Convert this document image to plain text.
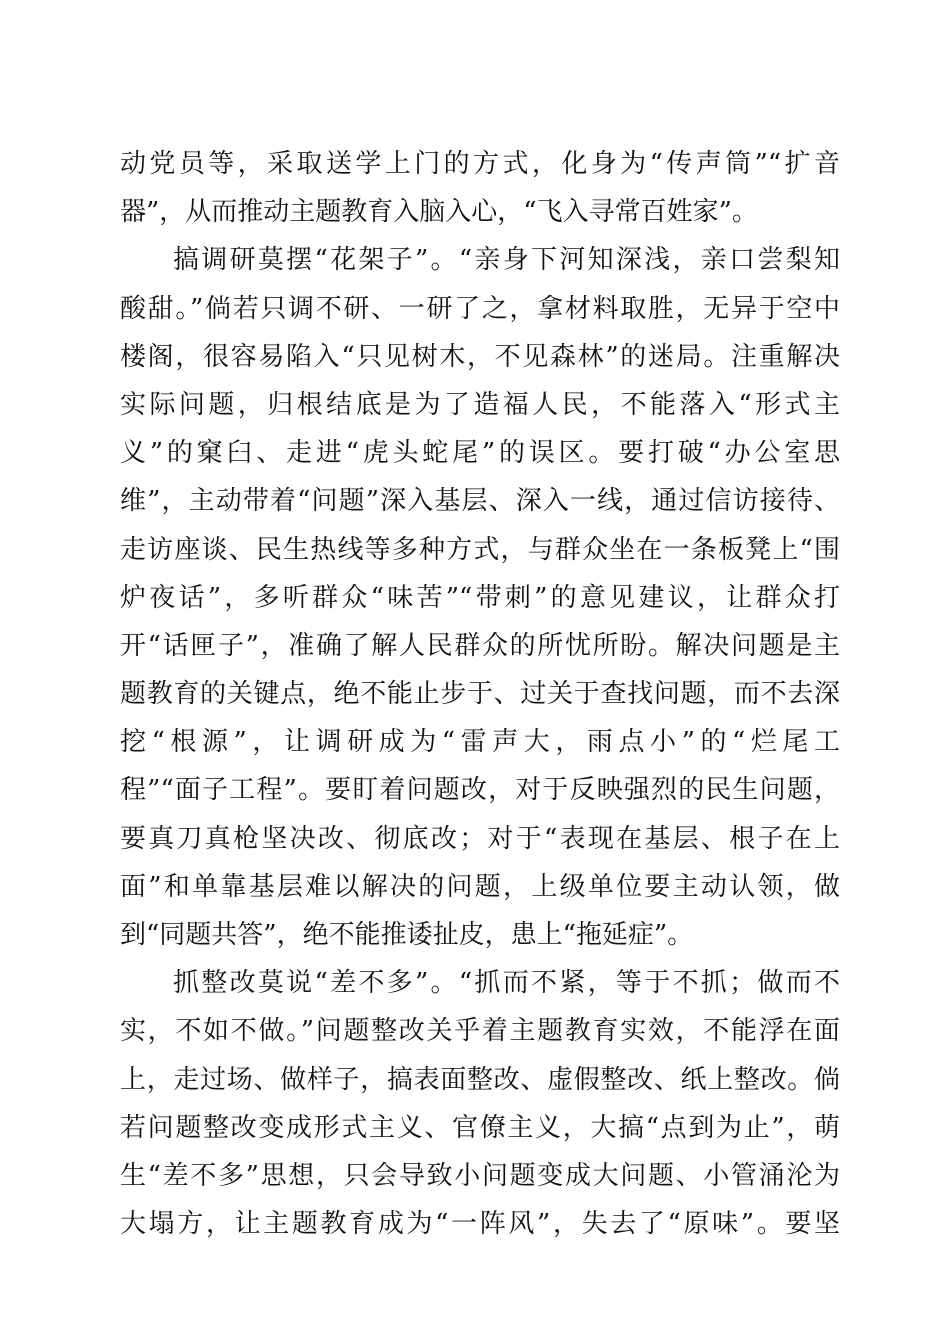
动党员等，采取送学上门的方式，化身为“传声筒”“扩音
器”，从而推动主题教育入脑入心，“飞入寻常百姓家”。
搞调研莫摆“花架子”。“亲身下河知深浅，亲口尝梨知
酸甜。”倘若只调不研、一研了之，拿材料取胜，无异于空中
楼阁，很容易陷入“只见树木，不见森林”的迷局。注重解决
实际问题，归根结底是为了造福人民，不能落入“形式主
义”的窠臼、走进“虎头蛇尾”的误区。要打破“办公室思
维”，主动带着“问题”深入基层、深入一线，通过信访接待、
走访座谈、民生热线等多种方式，与群众坐在一条板凳上“围
炉夜话”，多听群众“味苦”“带刺”的意见建议，让群众打
开“话匣子”，准确了解人民群众的所忧所盼。解决问题是主
题教育的关键点，绝不能止步于、过关于查找问题，而不去深
挖“根源”，让调研成为“雷声大，雨点小”的“烂尾工
程”“面子工程”。要盯着问题改，对于反映强烈的民生问题，
要真刀真枪坚决改、彻底改；对于“表现在基层、根子在上
面”和单靠基层难以解决的问题，上级单位要主动认领，做
到“同题共答”，绝不能推诿扯皮，患上“拖延症”。
抓整改莫说“差不多”。“抓而不紧，等于不抓；做而不
实，不如不做。”问题整改关乎着主题教育实效，不能浮在面
上，走过场、做样子，搞表面整改、虚假整改、纸上整改。倘
若问题整改变成形式主义、官僚主义，大搞“点到为止”，萌
生“差不多”思想，只会导致小问题变成大问题、小管涌沦为
大塌方，让主题教育成为“一阵风”，失去了“原味”。要坚
